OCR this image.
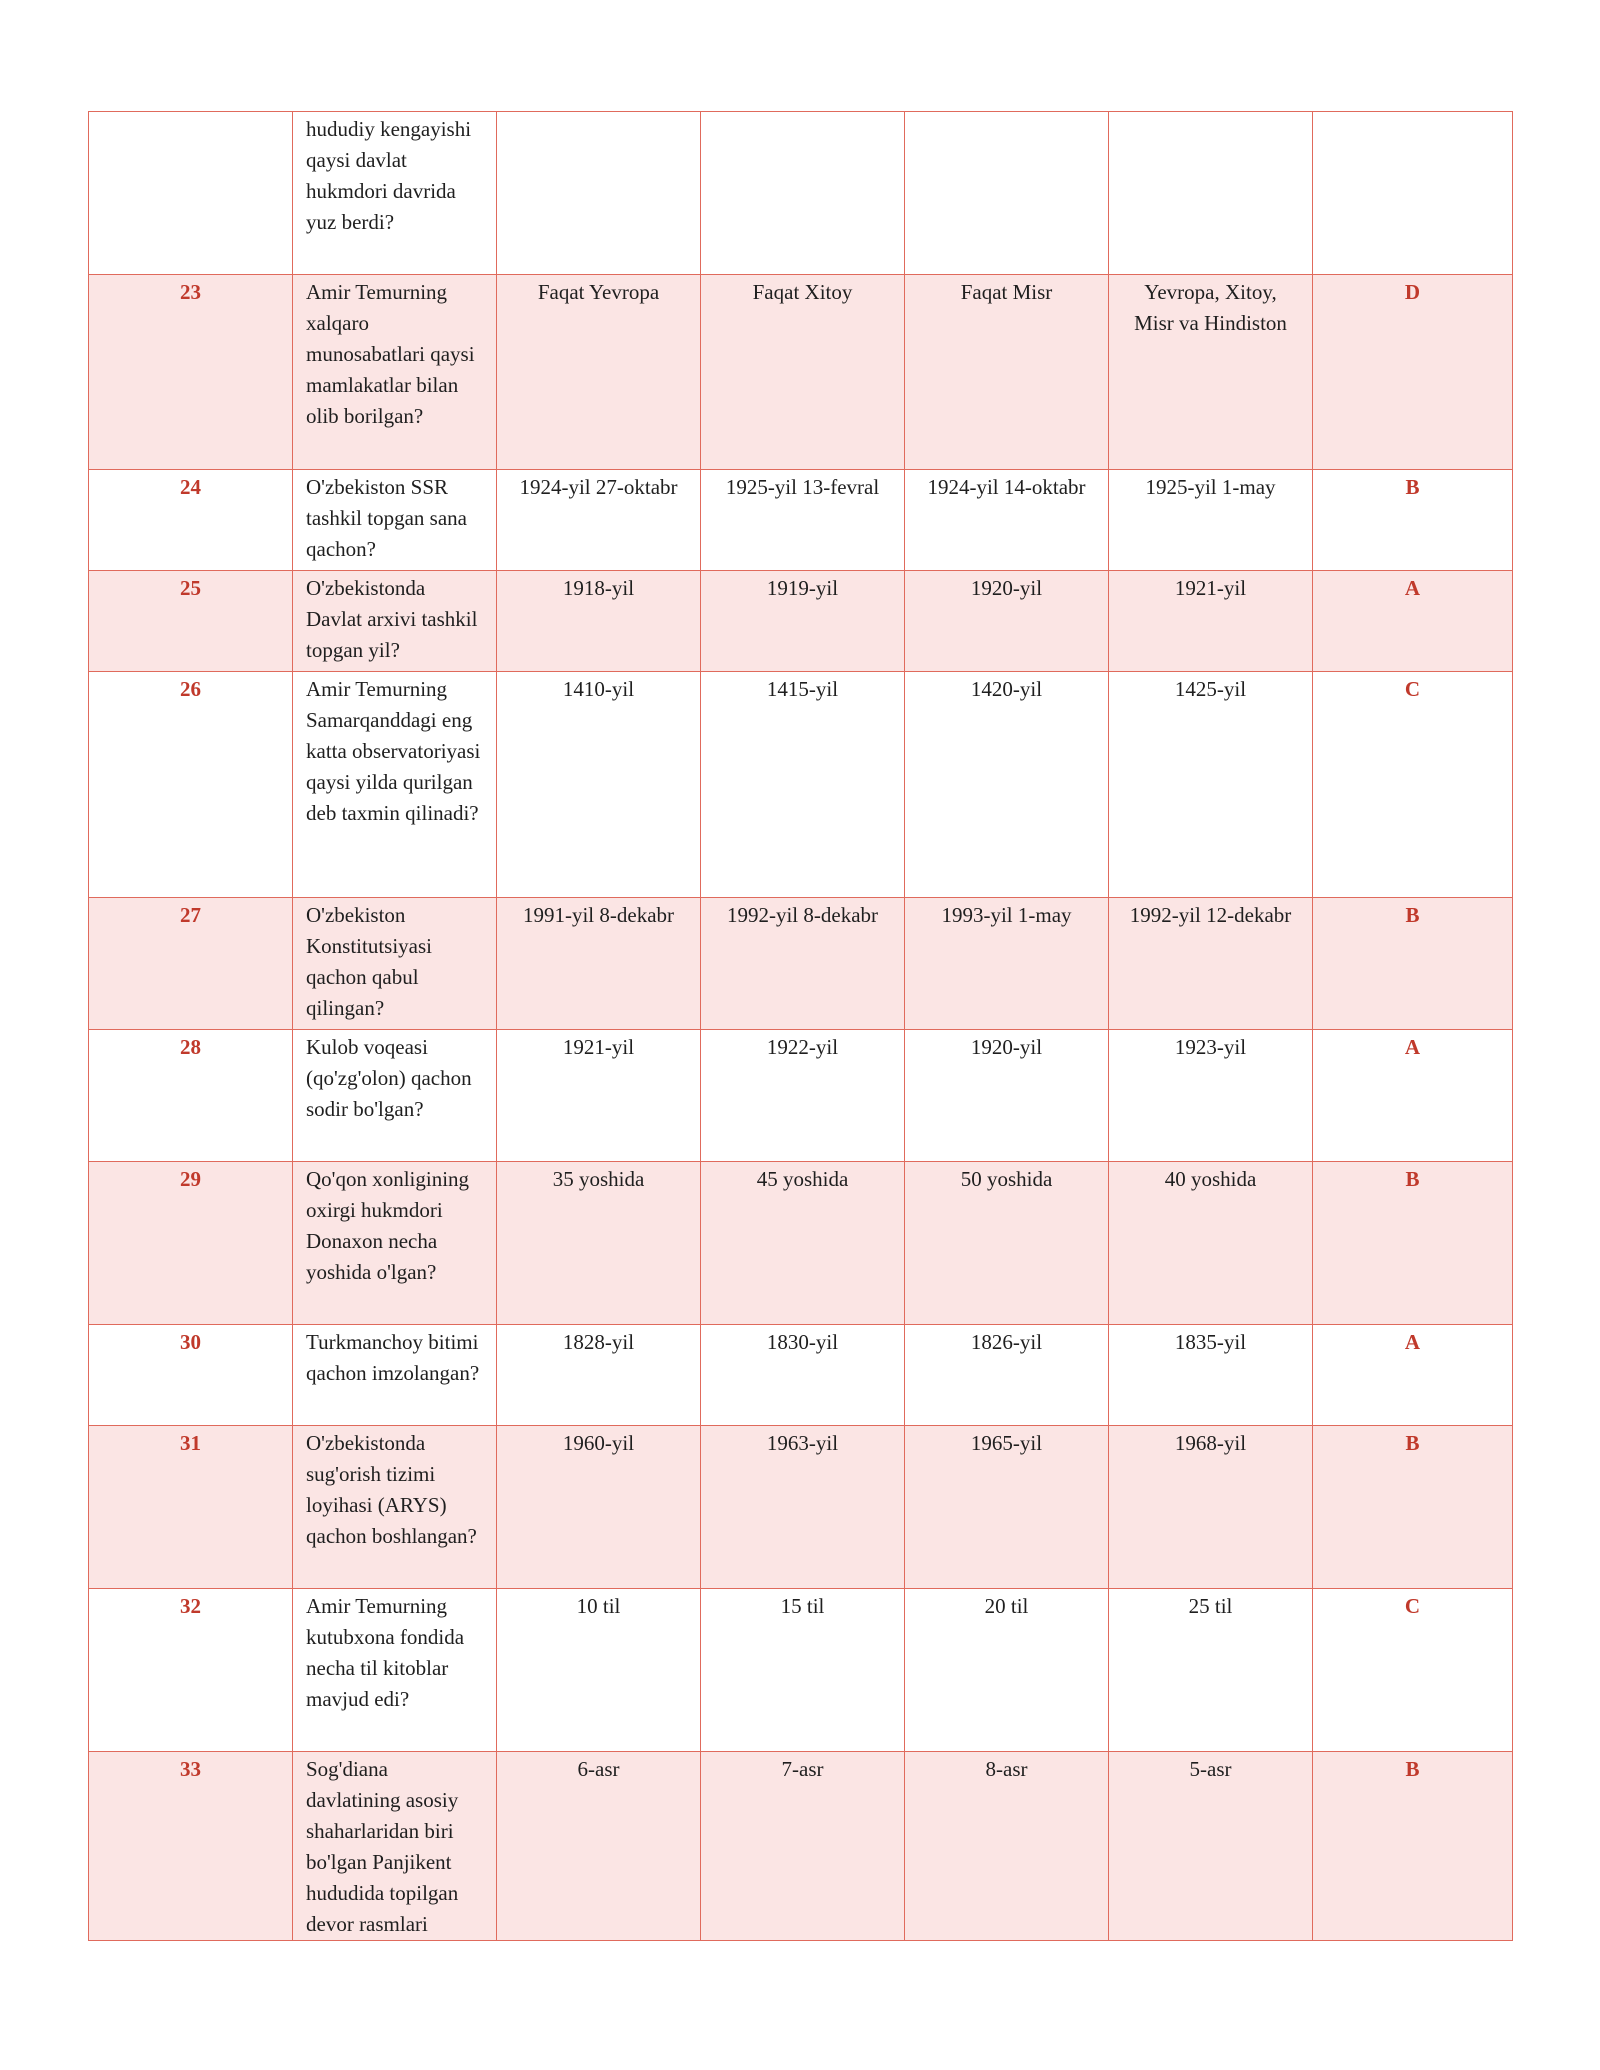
	hududiy kengayishi qaysi davlat hukmdori davrida yuz berdi?					
23	Amir Temurning xalqaro munosabatlari qaysi mamlakatlar bilan olib borilgan?	Faqat Yevropa	Faqat Xitoy	Faqat Misr	Yevropa, Xitoy, Misr va Hindiston	D
24	O'zbekiston SSR tashkil topgan sana qachon?	1924-yil 27-oktabr	1925-yil 13-fevral	1924-yil 14-oktabr	1925-yil 1-may	B
25	O'zbekistonda Davlat arxivi tashkil topgan yil?	1918-yil	1919-yil	1920-yil	1921-yil	A
26	Amir Temurning Samarqanddagi eng katta observatoriyasi qaysi yilda qurilgan deb taxmin qilinadi?	1410-yil	1415-yil	1420-yil	1425-yil	C
27	O'zbekiston Konstitutsiyasi qachon qabul qilingan?	1991-yil 8-dekabr	1992-yil 8-dekabr	1993-yil 1-may	1992-yil 12-dekabr	B
28	Kulob voqeasi (qo'zg'olon) qachon sodir bo'lgan?	1921-yil	1922-yil	1920-yil	1923-yil	A
29	Qo'qon xonligining oxirgi hukmdori Donaxon necha yoshida o'lgan?	35 yoshida	45 yoshida	50 yoshida	40 yoshida	B
30	Turkmanchoy bitimi qachon imzolangan?	1828-yil	1830-yil	1826-yil	1835-yil	A
31	O'zbekistonda sug'orish tizimi loyihasi (ARYS) qachon boshlangan?	1960-yil	1963-yil	1965-yil	1968-yil	B
32	Amir Temurning kutubxona fondida necha til kitoblar mavjud edi?	10 til	15 til	20 til	25 til	C
33	Sog'diana davlatining asosiy shaharlaridan biri bo'lgan Panjikent hududida topilgan devor rasmlari	6-asr	7-asr	8-asr	5-asr	B
